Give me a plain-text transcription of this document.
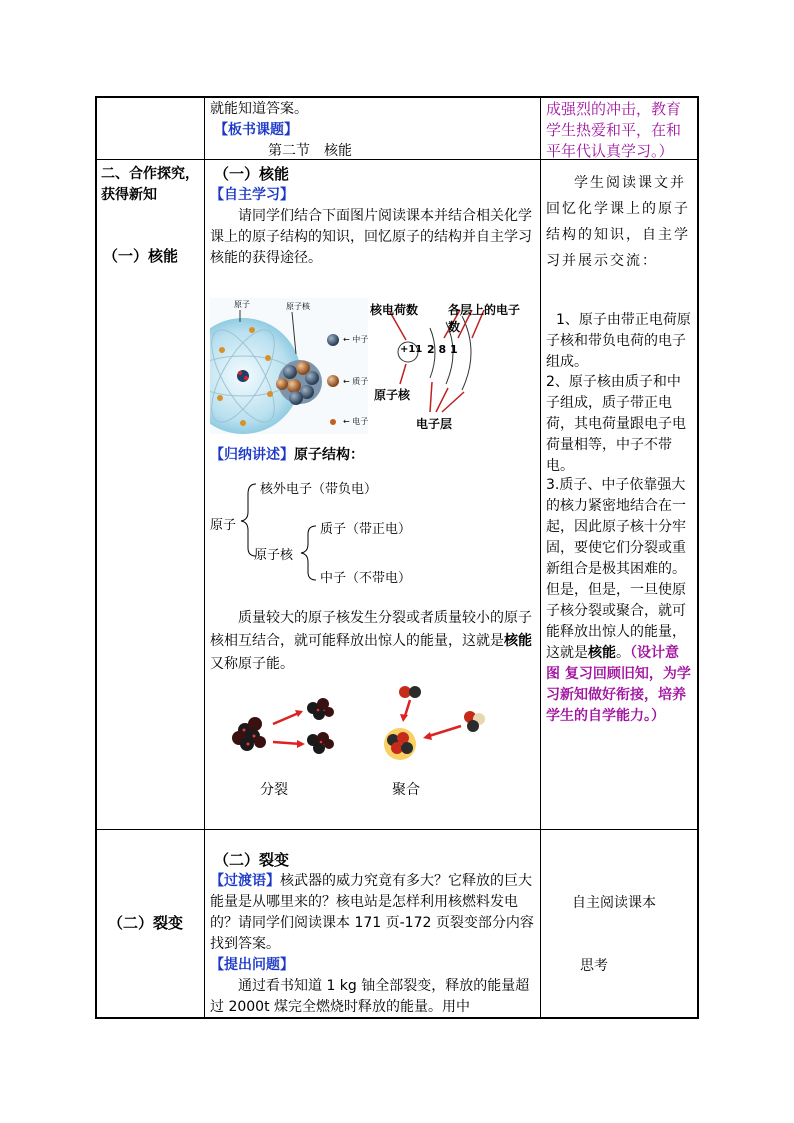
就能知道答案。

【板书课题】

第二节　核能

成强烈的冲击，教育学生热爱和平，在和平年代认真学习。）
二、合作探究，获得新知
（一）核能

（一）核能

【自主学习】

请同学们结合下面图片阅读课本并结合相关化学课上的原子结构的知识，回忆原子的结构并自主学习核能的获得途径。

原子	原子核
← 中子
← 质子
← 电子
核电荷数 各层上的电子数
+11 2 8 1
原子核
电子层
【归纳讲述】原子结构：
原子
核外电子（带负电）
原子核
质子（带正电）
中子（不带电）
质量较大的原子核发生分裂或者质量较小的原子核相互结合，就可能释放出惊人的能量，这就是核能又称原子能。
分裂	聚合
学生阅读课文并回忆化学课上的原子结构的知识，自主学习并展示交流：
1、原子由带正电荷原子核和带负电荷的电子组成。
2、原子核由质子和中子组成，质子带正电荷，其电荷量跟电子电荷量相等，中子不带电。
3.质子、中子依靠强大的核力紧密地结合在一起，因此原子核十分牢固，要使它们分裂或重新组合是极其困难的。但是，但是，一旦使原子核分裂或聚合，就可能释放出惊人的能量，这就是核能。（设计意图 复习回顾旧知，为学习新知做好衔接，培养学生的自学能力。）
（二）裂变

（二）裂变

【过渡语】核武器的威力究竟有多大？它释放的巨大能量是从哪里来的？核电站是怎样利用核燃料发电的？请同学们阅读课本 171 页-172 页裂变部分内容找到答案。

【提出问题】

通过看书知道 1 kg 铀全部裂变，释放的能量超过 2000t 煤完全燃烧时释放的能量。用中

自主阅读课本
思考
